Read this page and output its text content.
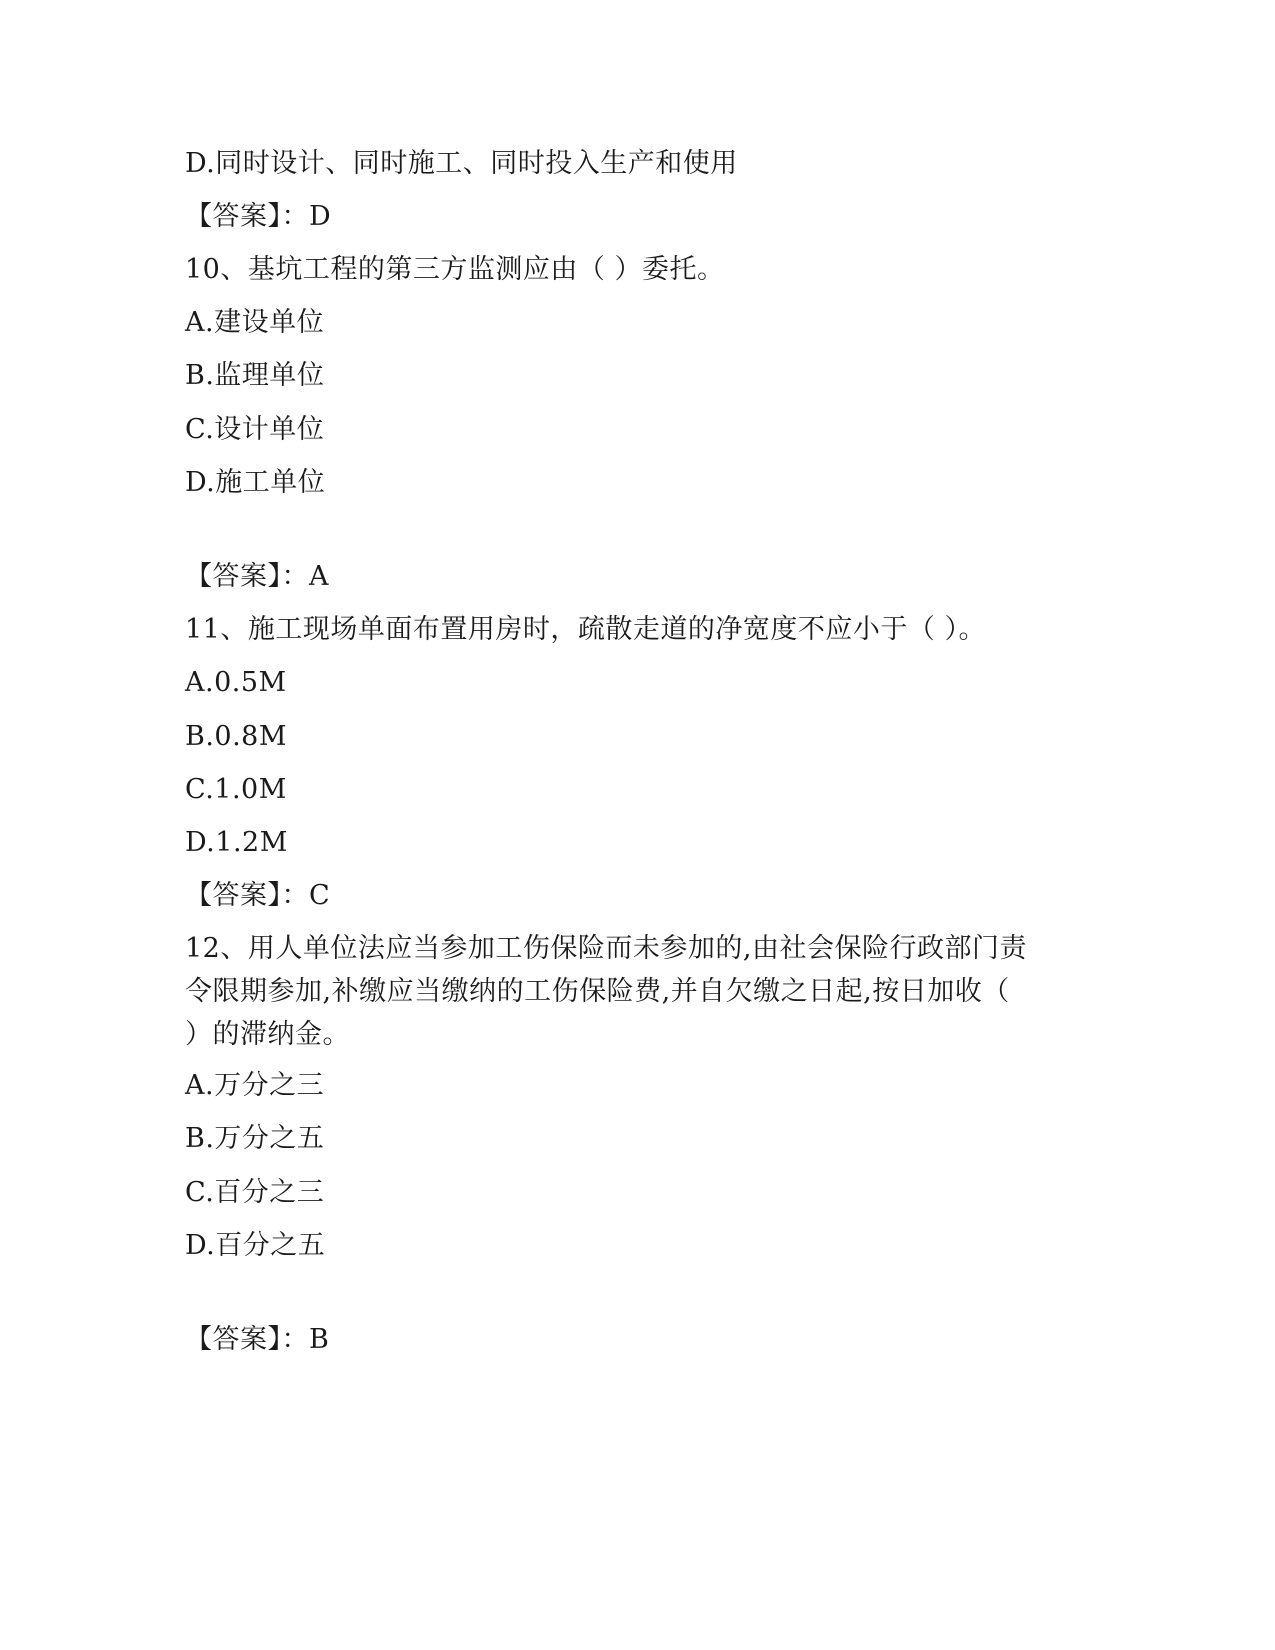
D.同时设计、同时施工、同时投入生产和使用
【答案】：D
10、基坑工程的第三方监测应由（ ）委托。
A.建设单位
B.监理单位
C.设计单位
D.施工单位
【答案】：A
11、施工现场单面布置用房时，疏散走道的净宽度不应小于（ ）。
A.0.5M
B.0.8M
C.1.0M
D.1.2M
【答案】：C
12、用人单位法应当参加工伤保险而未参加的,由社会保险行政部门责
令限期参加,补缴应当缴纳的工伤保险费,并自欠缴之日起,按日加收（
）的滞纳金。
A.万分之三
B.万分之五
C.百分之三
D.百分之五
【答案】：B
